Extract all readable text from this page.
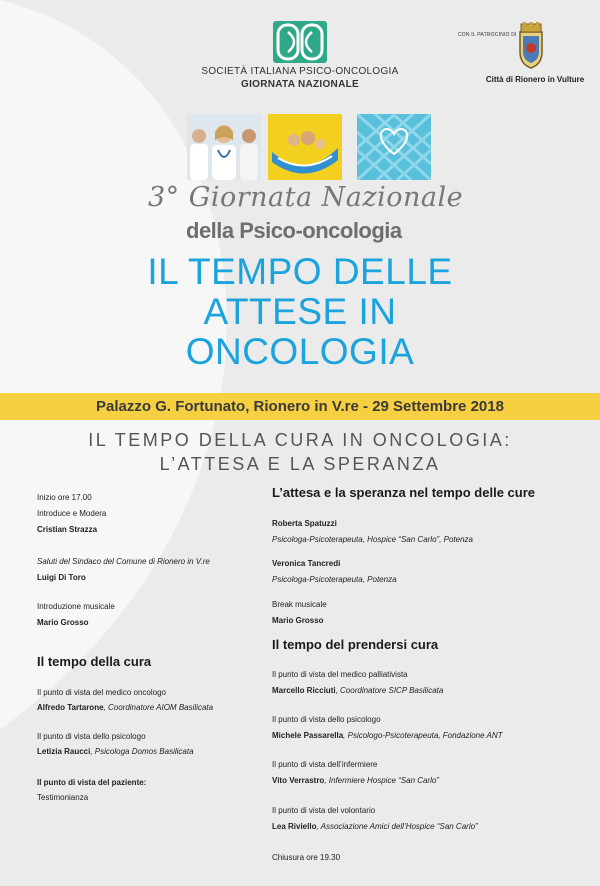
SOCIETÀ ITALIANA PSICO-ONCOLOGIA
GIORNATA NAZIONALE
CON IL PATROCINIO DI
Città di Rionero in Vulture
3° Giornata Nazionale
della Psico-oncologia
IL TEMPO DELLE
ATTESE IN
ONCOLOGIA
Palazzo G. Fortunato, Rionero in V.re - 29 Settembre 2018
IL TEMPO DELLA CURA IN ONCOLOGIA:
L’ATTESA E LA SPERANZA
Inizio ore 17.00
Introduce e Modera
Cristian Strazza
Saluti del Sindaco del Comune di Rionero in V.re
Luigi Di Toro
Introduzione musicale
Mario Grosso
Il tempo della cura
Il punto di vista del medico oncologo
Alfredo Tartarone, Coordinatore AIOM Basilicata
Il punto di vista dello psicologo
Letizia Raucci, Psicologa Domos Basilicata
Il punto di vista del paziente:
Testimonianza
L’attesa e la speranza nel tempo delle cure
Roberta Spatuzzi
Psicologa-Psicoterapeuta, Hospice “San Carlo”, Potenza
Veronica Tancredi
Psicologa-Psicoterapeuta, Potenza
Break musicale
Mario Grosso
Il tempo del prendersi cura
Il punto di vista del medico palliativista
Marcello Ricciuti, Coordinatore SICP Basilicata
Il punto di vista dello psicologo
Michele Passarella, Psicologo-Psicoterapeuta, Fondazione ANT
Il punto di vista dell’infermiere
Vito Verrastro, Infermiere Hospice “San Carlo”
Il punto di vista del volontario
Lea Riviello, Associazione Amici dell’Hospice “San Carlo”
Chiusura ore 19.30
